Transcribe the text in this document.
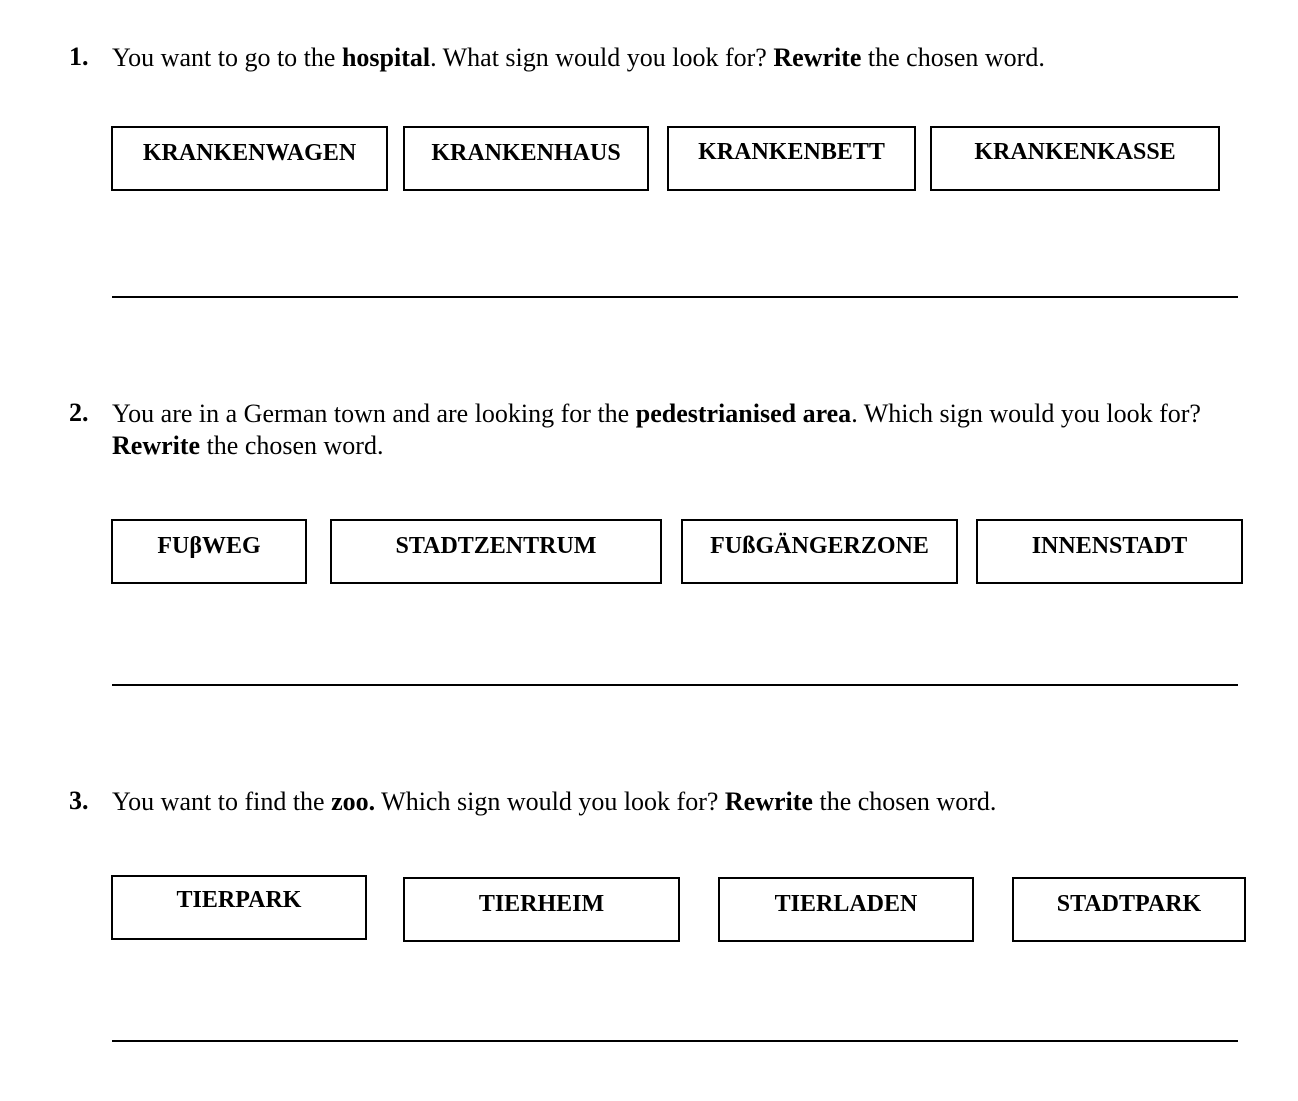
1. You want to go to the hospital. What sign would you look for? Rewrite the chosen word.
KRANKENWAGEN	KRANKENHAUS	KRANKENBETT	KRANKENKASSE
2. You are in a German town and are looking for the pedestrianised area. Which sign would you look for? Rewrite the chosen word.
FUβWEG	STADTZENTRUM	FUßGÄNGERZONE	INNENSTADT
3. You want to find the zoo. Which sign would you look for? Rewrite the chosen word.
TIERPARK	TIERHEIM	TIERLADEN	STADTPARK
